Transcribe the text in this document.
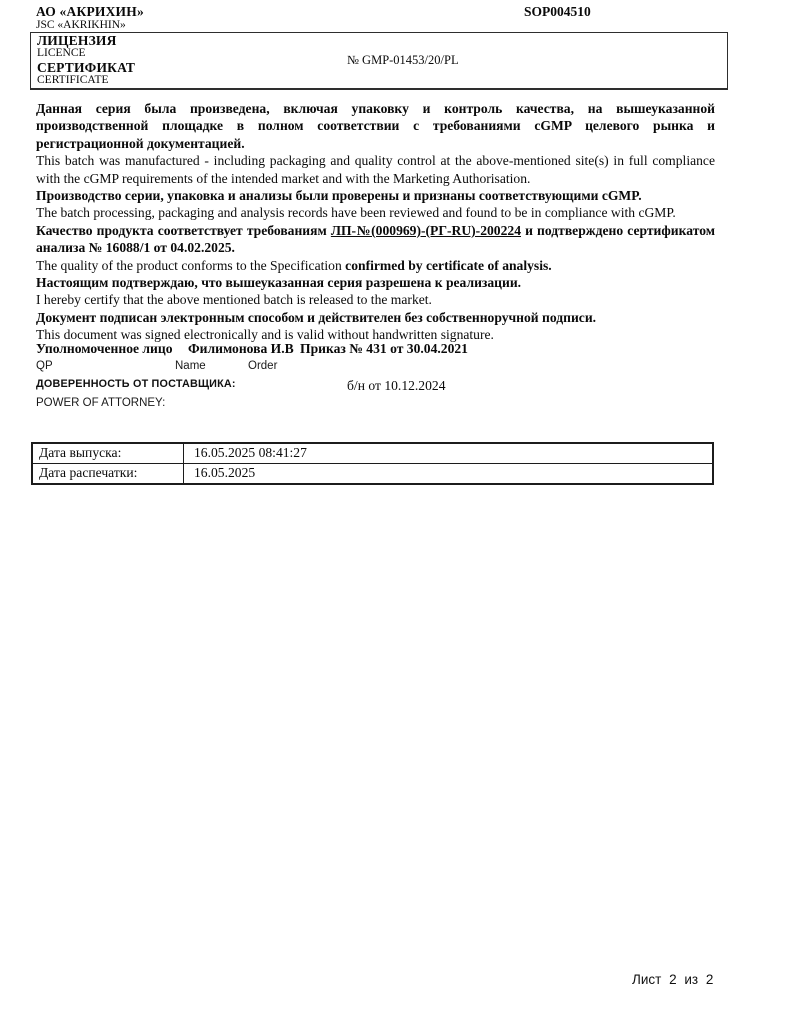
АО «АКРИХИН»
JSC «AKRIKHIN»
SOP004510
ЛИЦЕНЗИЯ
LICENCE
СЕРТИФИКАТ
CERTIFICATE
№ GMP-01453/20/PL

Данная серия была произведена, включая упаковку и контроль качества, на вышеуказанной производственной площадке в полном соответствии с требованиями cGMP целевого рынка и регистрационной документацией.

This batch was manufactured - including packaging and quality control at the above-mentioned site(s) in full compliance with the cGMP requirements of the intended market and with the Marketing Authorisation.

Производство серии, упаковка и анализы были проверены и признаны соответствующими cGMP.

The batch processing, packaging and analysis records have been reviewed and found to be in compliance with cGMP.

Качество продукта соответствует требованиям ЛП-№(000969)-(РГ-RU)-200224 и подтверждено сертификатом анализа № 16088/1 от 04.02.2025.

The quality of the product conforms to the Specification confirmed by certificate of analysis.

Настоящим подтверждаю, что вышеуказанная серия разрешена к реализации.

I hereby certify that the above mentioned batch is released to the market.

Документ подписан электронным способом и действителен без собственноручной подписи.

This document was signed electronically and is valid without handwritten signature.

Уполномоченное лицо Филимонова И.В Приказ № 431 от 30.04.2021
QP	Name	Order
ДОВЕРЕННОСТЬ ОТ ПОСТАВЩИКА:	б/н от 10.12.2024
POWER OF ATTORNEY:
Дата выпуска:	16.05.2025 08:41:27
Дата распечатки:	16.05.2025
Лист 2 из 2
